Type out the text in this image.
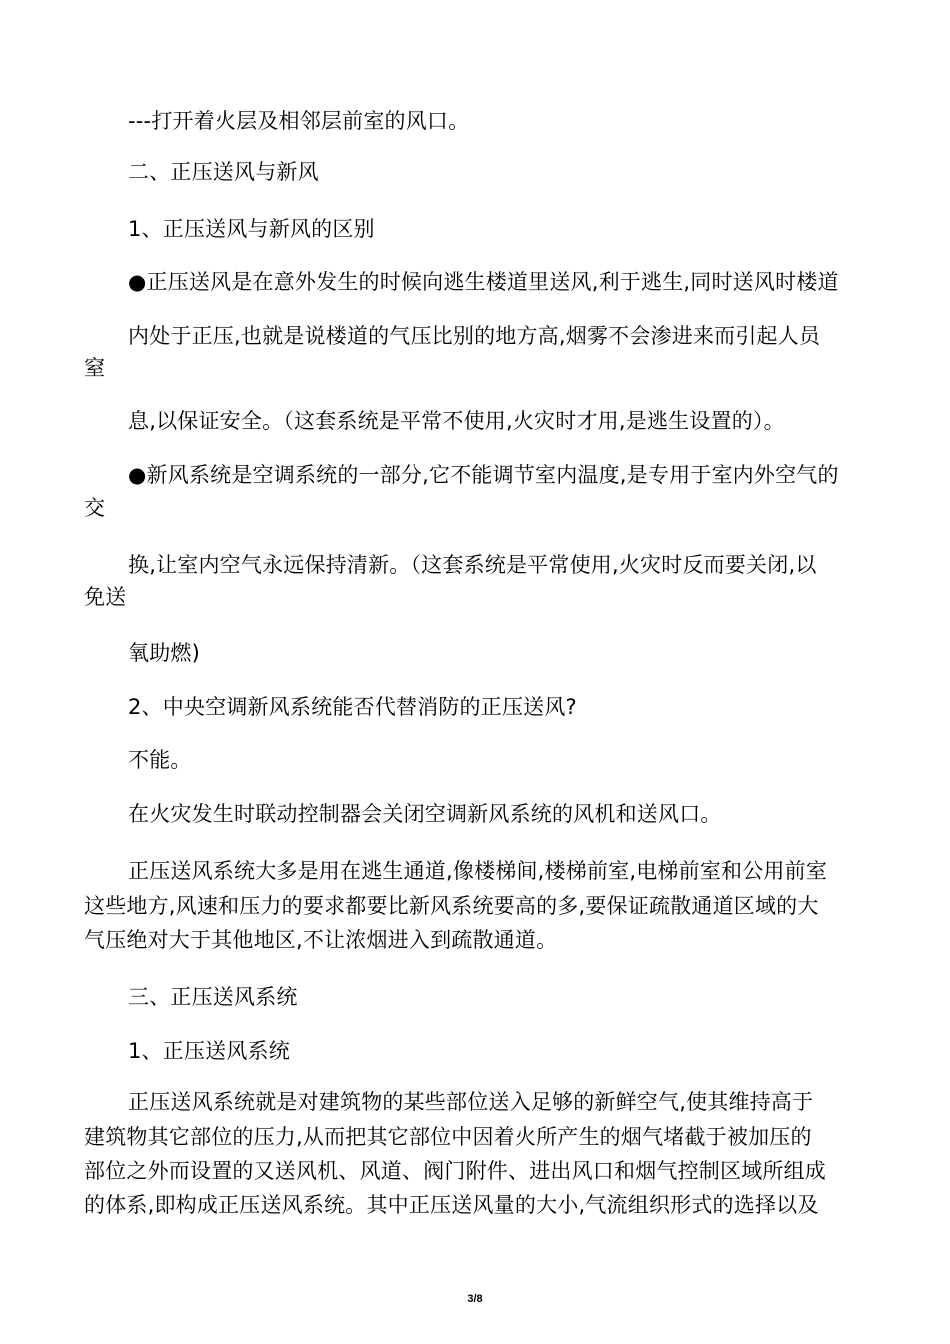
---打开着火层及相邻层前室的风口。
二、正压送风与新风
1、正压送风与新风的区别
●正压送风是在意外发生的时候向逃生楼道里送风,利于逃生,同时送风时楼道
内处于正压,也就是说楼道的气压比别的地方高,烟雾不会渗进来而引起人员
窒
息,以保证安全。（这套系统是平常不使用,火灾时才用,是逃生设置的）。
●新风系统是空调系统的一部分,它不能调节室内温度,是专用于室内外空气的
交
换,让室内空气永远保持清新。（这套系统是平常使用,火灾时反而要关闭,以
免送
氧助燃)
2、中央空调新风系统能否代替消防的正压送风?
不能。
在火灾发生时联动控制器会关闭空调新风系统的风机和送风口。
正压送风系统大多是用在逃生通道,像楼梯间,楼梯前室,电梯前室和公用前室
这些地方,风速和压力的要求都要比新风系统要高的多,要保证疏散通道区域的大
气压绝对大于其他地区,不让浓烟进入到疏散通道。
三、正压送风系统
1、正压送风系统
正压送风系统就是对建筑物的某些部位送入足够的新鲜空气,使其维持高于
建筑物其它部位的压力,从而把其它部位中因着火所产生的烟气堵截于被加压的
部位之外而设置的又送风机、风道、阀门附件、进出风口和烟气控制区域所组成
的体系,即构成正压送风系统。其中正压送风量的大小,气流组织形式的选择以及
3/8
